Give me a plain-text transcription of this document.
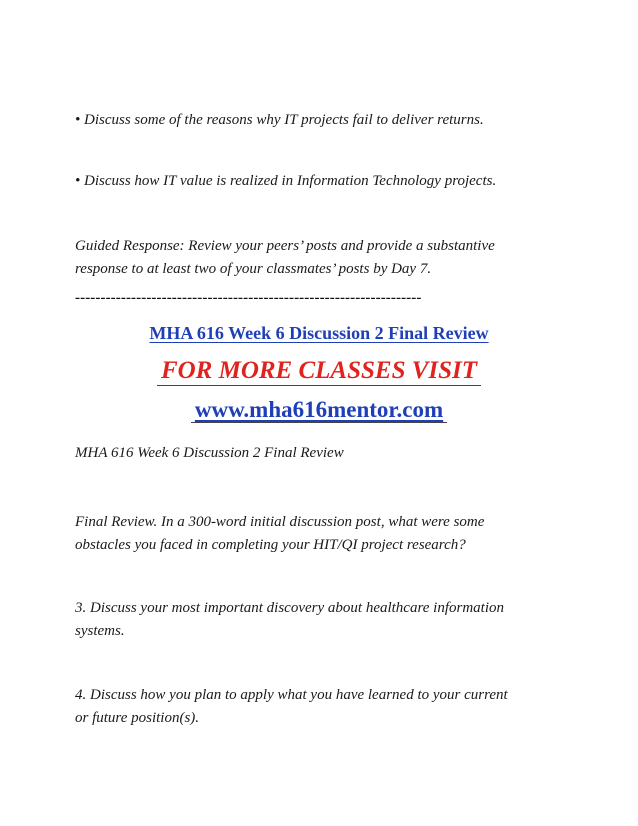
• Discuss some of the reasons why IT projects fail to deliver returns.

• Discuss how IT value is realized in Information Technology projects.

Guided Response: Review your peers’ posts and provide a substantive
response to at least two of your classmates’ posts by Day 7.

--------------------------------------------------------------------
MHA 616 Week 6 Discussion 2 Final Review
FOR MORE CLASSES VISIT
www.mha616mentor.com

MHA 616 Week 6 Discussion 2 Final Review

Final Review. In a 300-word initial discussion post, what were some
obstacles you faced in completing your HIT/QI project research?

3. Discuss your most important discovery about healthcare information
systems.

4. Discuss how you plan to apply what you have learned to your current
or future position(s).
